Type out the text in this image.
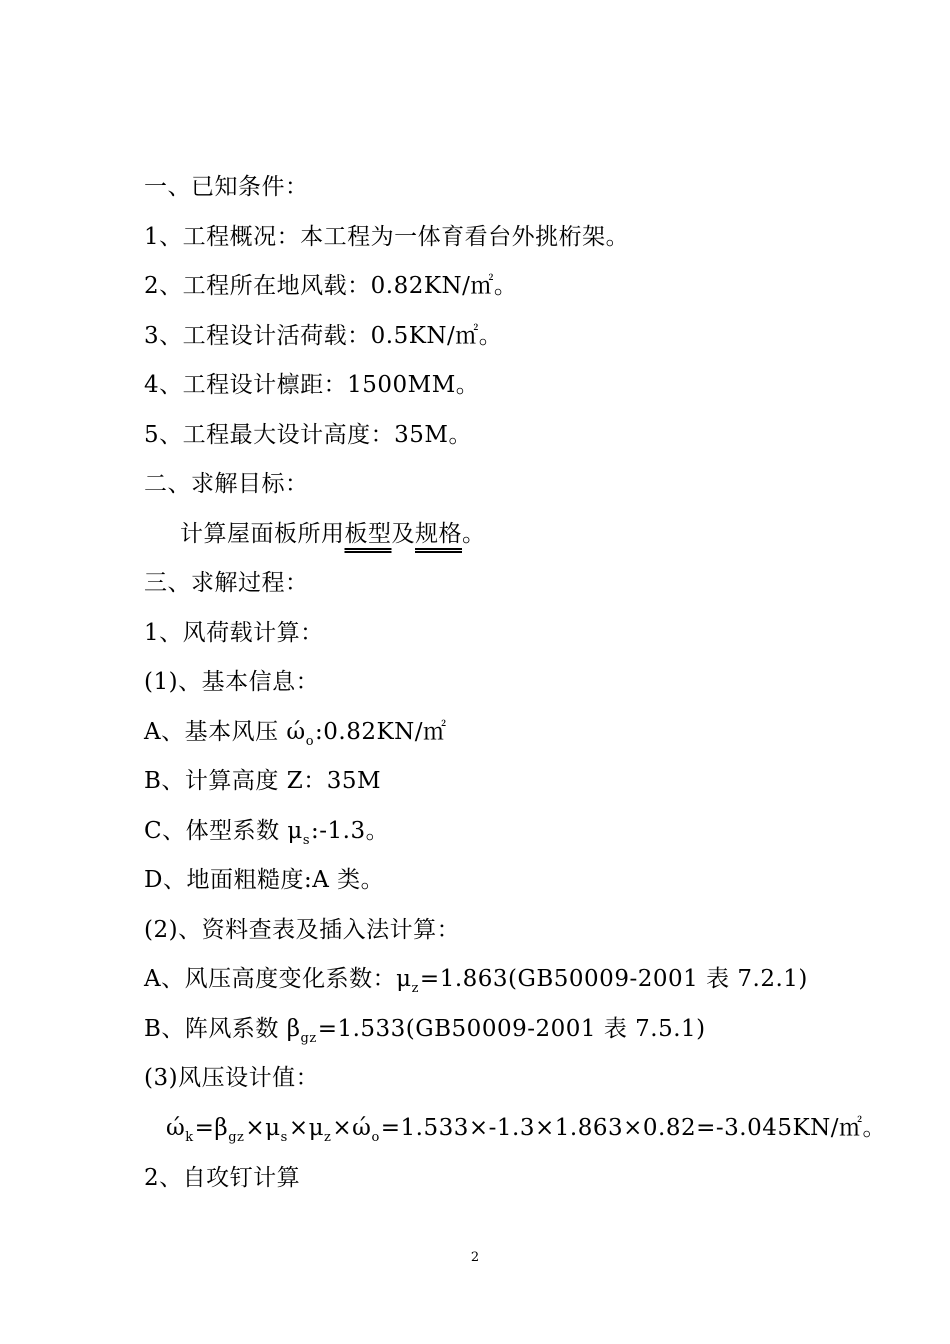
一、已知条件：
1、工程概况：本工程为一体育看台外挑桁架。
2、工程所在地风载：0.82KN/㎡。
3、工程设计活荷载：0.5KN/㎡。
4、工程设计檩距：1500MM。
5、工程最大设计高度：35M。
二、求解目标：
计算屋面板所用板型及规格。
三、求解过程：
1、风荷载计算：
(1)、基本信息：
A、基本风压 $ώ_o:0.82KN/㎡$
B、计算高度 Z：35M
C、体型系数 $\mu_s:-1.3$。
D、地面粗糙度:A 类。
(2)、资料查表及插入法计算：
A、风压高度变化系数：$\mu_z=1.863(GB50009-2001$ 表 7.2.1)
B、阵风系数 $\beta_{gz}=1.533(GB50009-2001$ 表 7.5.1)
(3)风压设计值：
$ώ_k=\beta_{gz}\times\mu_s\times\mu_z\times ώ_o=1.533\times-1.3\times 1.863\times 0.82=-3.045KN/㎡$。
2、自攻钉计算
2
